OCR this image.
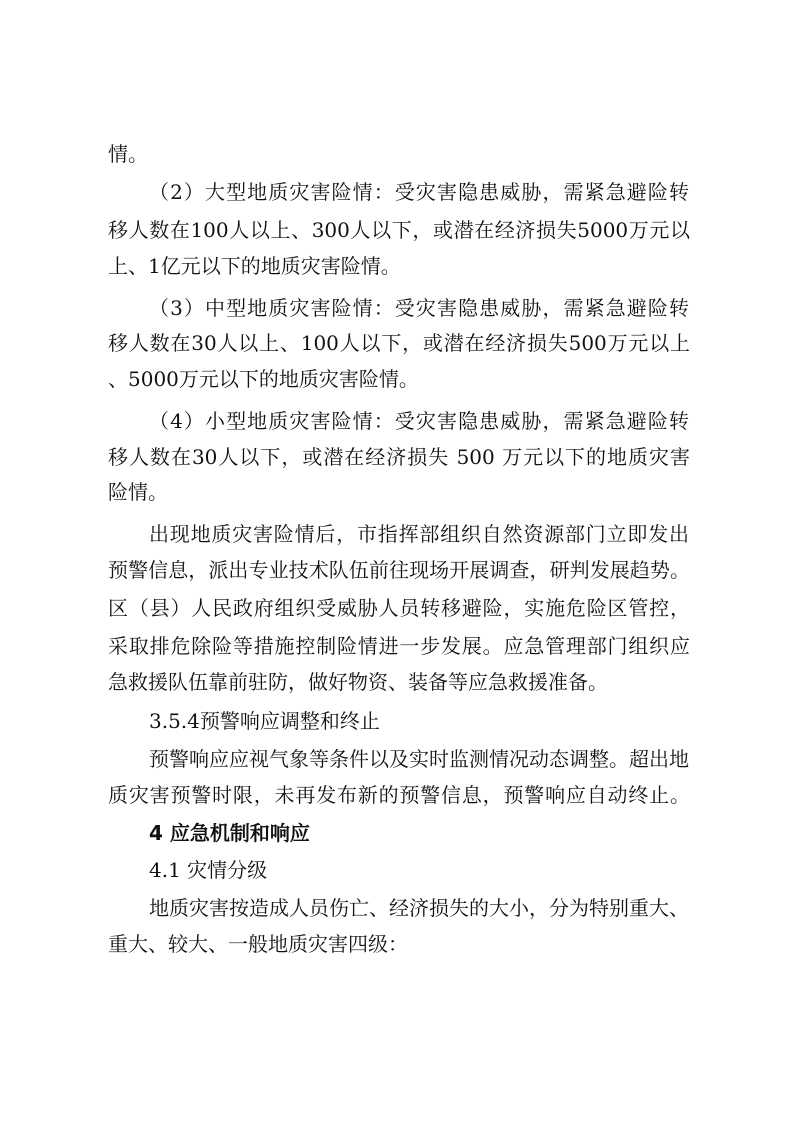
情。
（2）大型地质灾害险情：受灾害隐患威胁，需紧急避险转
移人数在100人以上、300人以下，或潜在经济损失5000万元以
上、1亿元以下的地质灾害险情。
（3）中型地质灾害险情：受灾害隐患威胁，需紧急避险转
移人数在30人以上、100人以下，或潜在经济损失500万元以上
、5000万元以下的地质灾害险情。
（4）小型地质灾害险情：受灾害隐患威胁，需紧急避险转
移人数在30人以下，或潜在经济损失 500 万元以下的地质灾害
险情。
出现地质灾害险情后，市指挥部组织自然资源部门立即发出
预警信息，派出专业技术队伍前往现场开展调查，研判发展趋势。
区（县）人民政府组织受威胁人员转移避险，实施危险区管控，
采取排危除险等措施控制险情进一步发展。应急管理部门组织应
急救援队伍靠前驻防，做好物资、装备等应急救援准备。
3.5.4预警响应调整和终止
预警响应应视气象等条件以及实时监测情况动态调整。超出地
质灾害预警时限，未再发布新的预警信息，预警响应自动终止。
4 应急机制和响应
4.1 灾情分级
地质灾害按造成人员伤亡、经济损失的大小，分为特别重大、
重大、较大、一般地质灾害四级：
